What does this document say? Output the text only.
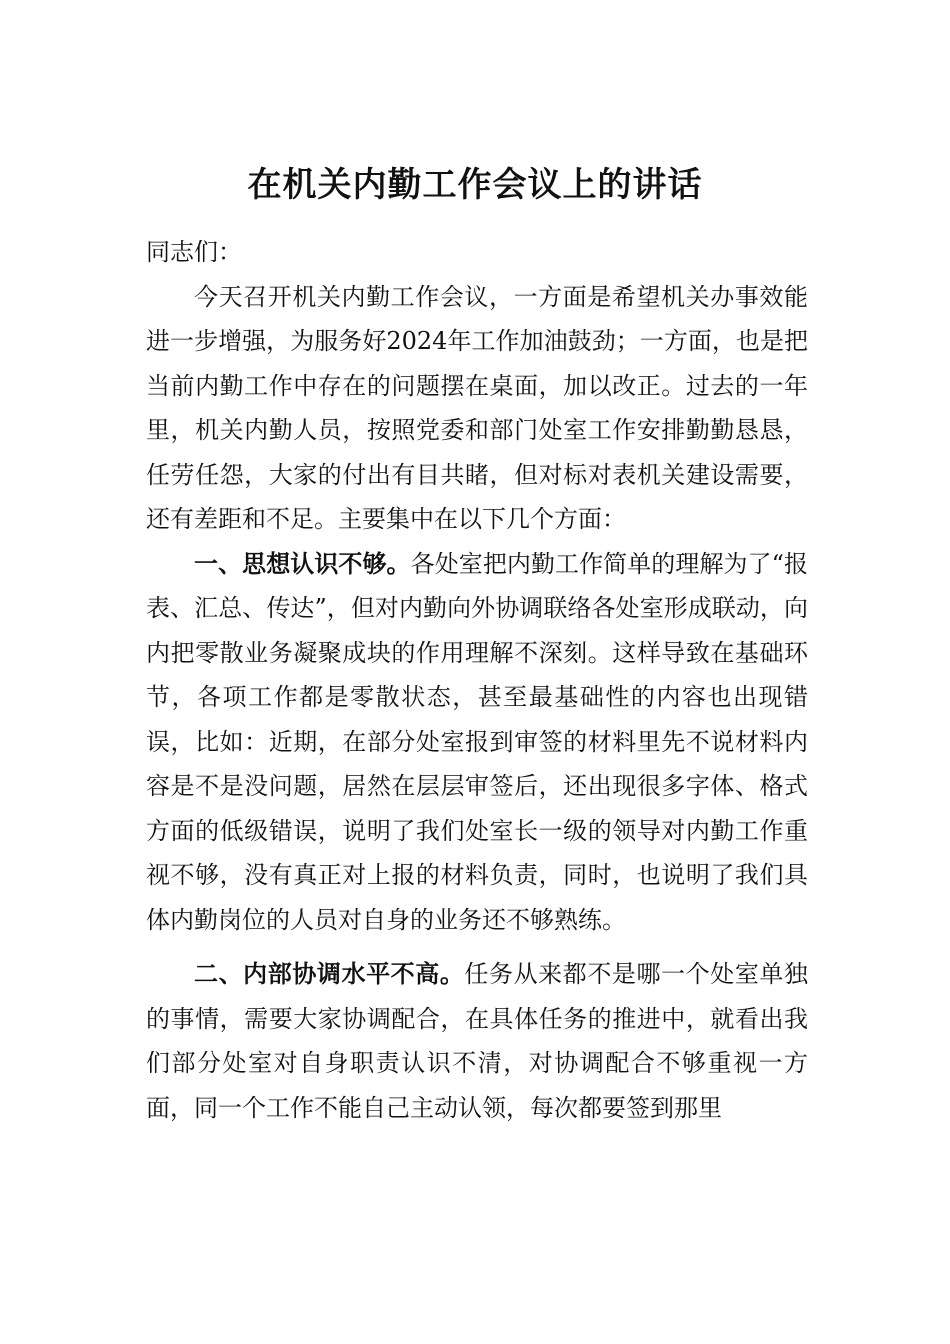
在机关内勤工作会议上的讲话

同志们：

今天召开机关内勤工作会议，一方面是希望机关办事效能进一步增强，为服务好2024年工作加油鼓劲；一方面，也是把当前内勤工作中存在的问题摆在桌面，加以改正。过去的一年里，机关内勤人员，按照党委和部门处室工作安排勤勤恳恳，任劳任怨，大家的付出有目共睹，但对标对表机关建设需要，还有差距和不足。主要集中在以下几个方面：

一、思想认识不够。各处室把内勤工作简单的理解为了“报表、汇总、传达”，但对内勤向外协调联络各处室形成联动，向内把零散业务凝聚成块的作用理解不深刻。这样导致在基础环节，各项工作都是零散状态，甚至最基础性的内容也出现错误，比如：近期，在部分处室报到审签的材料里先不说材料内容是不是没问题，居然在层层审签后，还出现很多字体、格式方面的低级错误，说明了我们处室长一级的领导对内勤工作重视不够，没有真正对上报的材料负责，同时，也说明了我们具体内勤岗位的人员对自身的业务还不够熟练。

二、内部协调水平不高。任务从来都不是哪一个处室单独的事情，需要大家协调配合，在具体任务的推进中，就看出我们部分处室对自身职责认识不清，对协调配合不够重视一方面，同一个工作不能自己主动认领，每次都要签到那里
